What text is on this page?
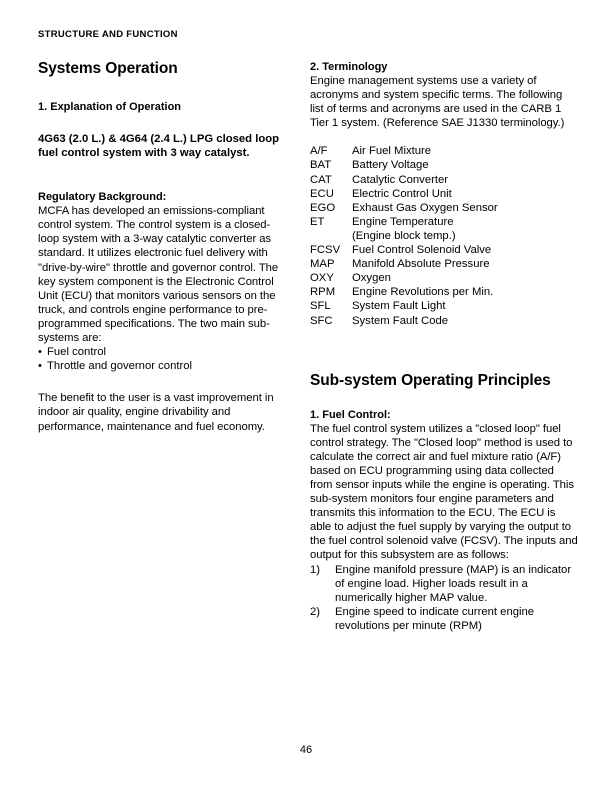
STRUCTURE AND FUNCTION
Systems Operation
1. Explanation of Operation

4G63 (2.0 L.) & 4G64 (2.4 L.) LPG closed loop fuel control system with 3 way catalyst.

Regulatory Background:

MCFA has developed an emissions-compliant control system. The control system is a closed-loop system with a 3-way catalytic converter as standard. It utilizes electronic fuel delivery with "drive-by-wire" throttle and governor control. The key system component is the Electronic Control Unit (ECU) that monitors various sensors on the truck, and controls engine performance to pre-programmed specifications. The two main sub-systems are:

• Fuel control
• Throttle and governor control

The benefit to the user is a vast improvement in indoor air quality, engine drivability and performance, maintenance and fuel economy.

2. Terminology

Engine management systems use a variety of acronyms and system specific terms. The following list of terms and acronyms are used in the CARB 1 Tier 1 system. (Reference SAE J1330 terminology.)

A/F	Air Fuel Mixture
BAT	Battery Voltage
CAT	Catalytic Converter
ECU	Electric Control Unit
EGO	Exhaust Gas Oxygen Sensor
ET	Engine Temperature
	(Engine block temp.)
FCSV	Fuel Control Solenoid Valve
MAP	Manifold Absolute Pressure
OXY	Oxygen
RPM	Engine Revolutions per Min.
SFL	System Fault Light
SFC	System Fault Code
Sub-system Operating Principles
1. Fuel Control:

The fuel control system utilizes a "closed loop" fuel control strategy. The "Closed loop" method is used to calculate the correct air and fuel mixture ratio (A/F) based on ECU programming using data collected from sensor inputs while the engine is operating. This sub-system monitors four engine parameters and transmits this information to the ECU. The ECU is able to adjust the fuel supply by varying the output to the fuel control solenoid valve (FCSV). The inputs and output for this subsystem are as follows:

1) Engine manifold pressure (MAP) is an indicator of engine load. Higher loads result in a numerically higher MAP value.
2) Engine speed to indicate current engine revolutions per minute (RPM)
46
